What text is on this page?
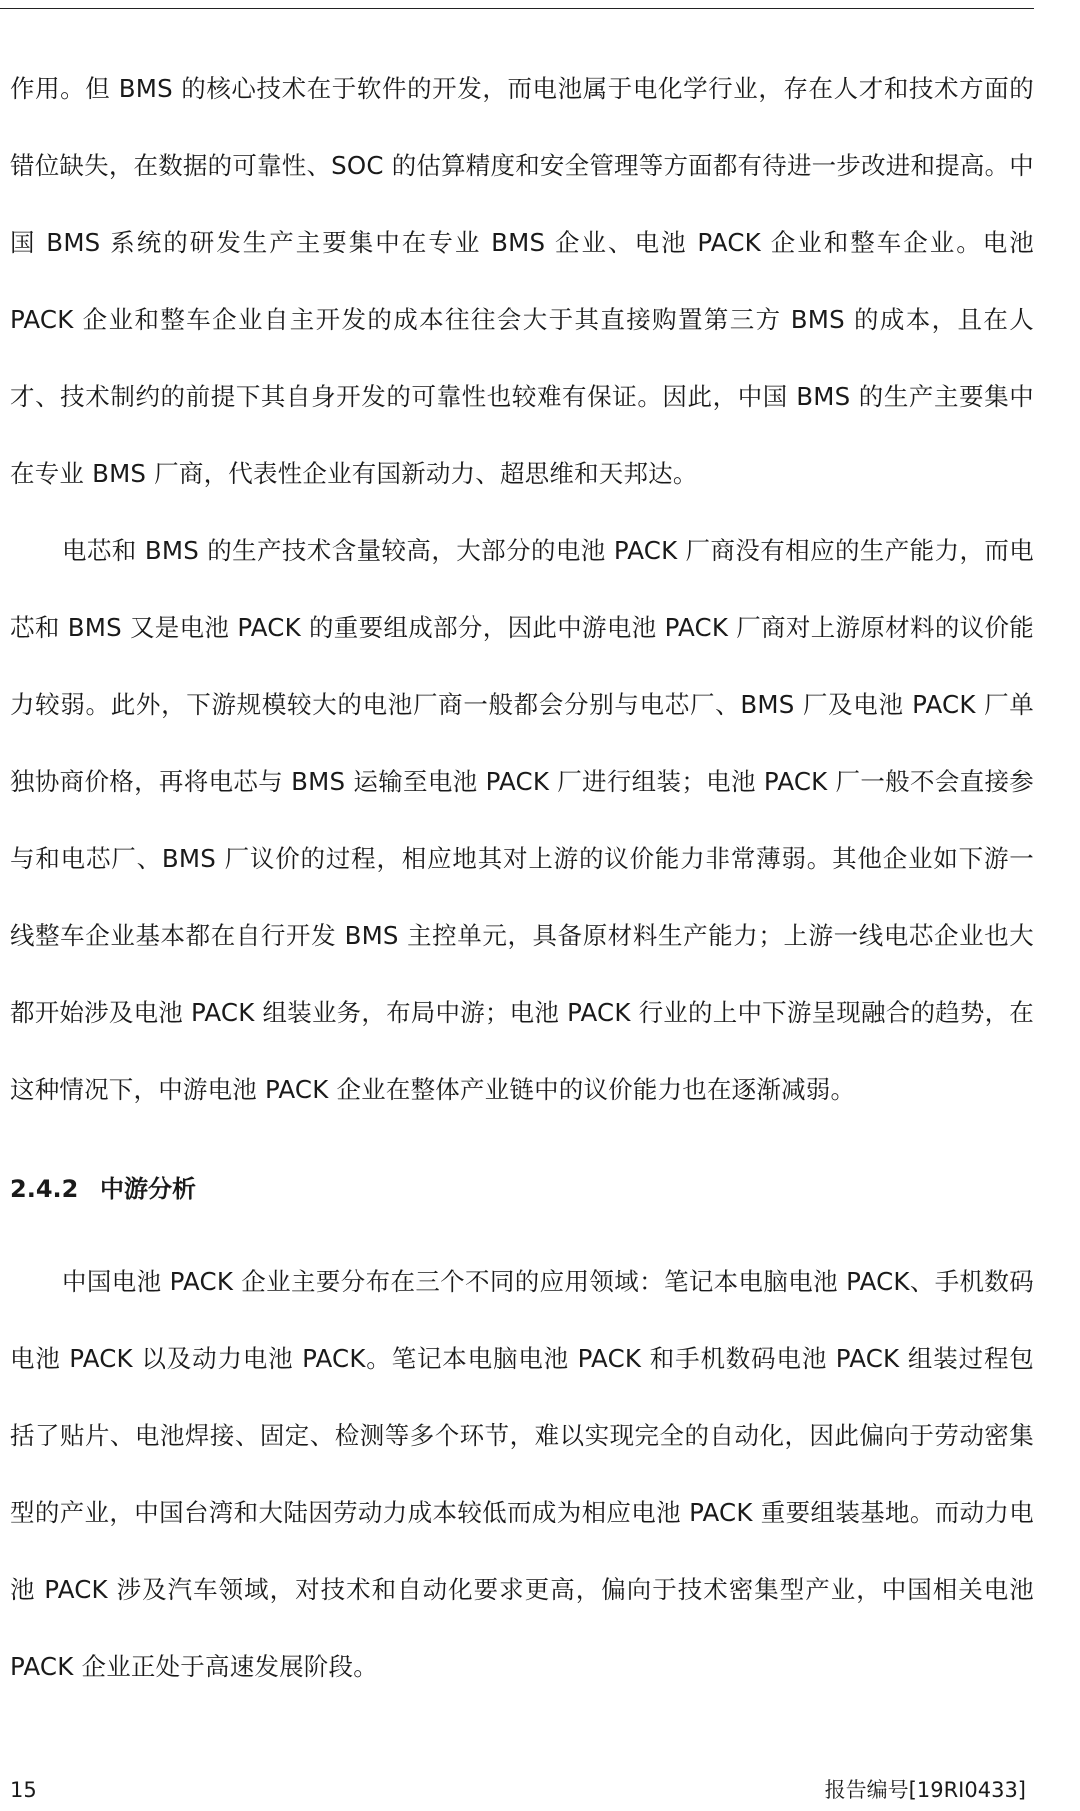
作用。但 BMS 的核心技术在于软件的开发，而电池属于电化学行业，存在人才和技术方面的错位缺失，在数据的可靠性、SOC 的估算精度和安全管理等方面都有待进一步改进和提高。中国 BMS 系统的研发生产主要集中在专业 BMS 企业、电池 PACK 企业和整车企业。电池 PACK 企业和整车企业自主开发的成本往往会大于其直接购置第三方 BMS 的成本，且在人才、技术制约的前提下其自身开发的可靠性也较难有保证。因此，中国 BMS 的生产主要集中在专业 BMS 厂商，代表性企业有国新动力、超思维和天邦达。

电芯和 BMS 的生产技术含量较高，大部分的电池 PACK 厂商没有相应的生产能力，而电芯和 BMS 又是电池 PACK 的重要组成部分，因此中游电池 PACK 厂商对上游原材料的议价能力较弱。此外，下游规模较大的电池厂商一般都会分别与电芯厂、BMS 厂及电池 PACK 厂单独协商价格，再将电芯与 BMS 运输至电池 PACK 厂进行组装；电池 PACK 厂一般不会直接参与和电芯厂、BMS 厂议价的过程，相应地其对上游的议价能力非常薄弱。其他企业如下游一线整车企业基本都在自行开发 BMS 主控单元，具备原材料生产能力；上游一线电芯企业也大都开始涉及电池 PACK 组装业务，布局中游；电池 PACK 行业的上中下游呈现融合的趋势，在这种情况下，中游电池 PACK 企业在整体产业链中的议价能力也在逐渐减弱。

2.4.2 中游分析

中国电池 PACK 企业主要分布在三个不同的应用领域：笔记本电脑电池 PACK、手机数码电池 PACK 以及动力电池 PACK。笔记本电脑电池 PACK 和手机数码电池 PACK 组装过程包括了贴片、电池焊接、固定、检测等多个环节，难以实现完全的自动化，因此偏向于劳动密集型的产业，中国台湾和大陆因劳动力成本较低而成为相应电池 PACK 重要组装基地。而动力电池 PACK 涉及汽车领域，对技术和自动化要求更高，偏向于技术密集型产业，中国相关电池 PACK 企业正处于高速发展阶段。

15	报告编号[19RI0433]
